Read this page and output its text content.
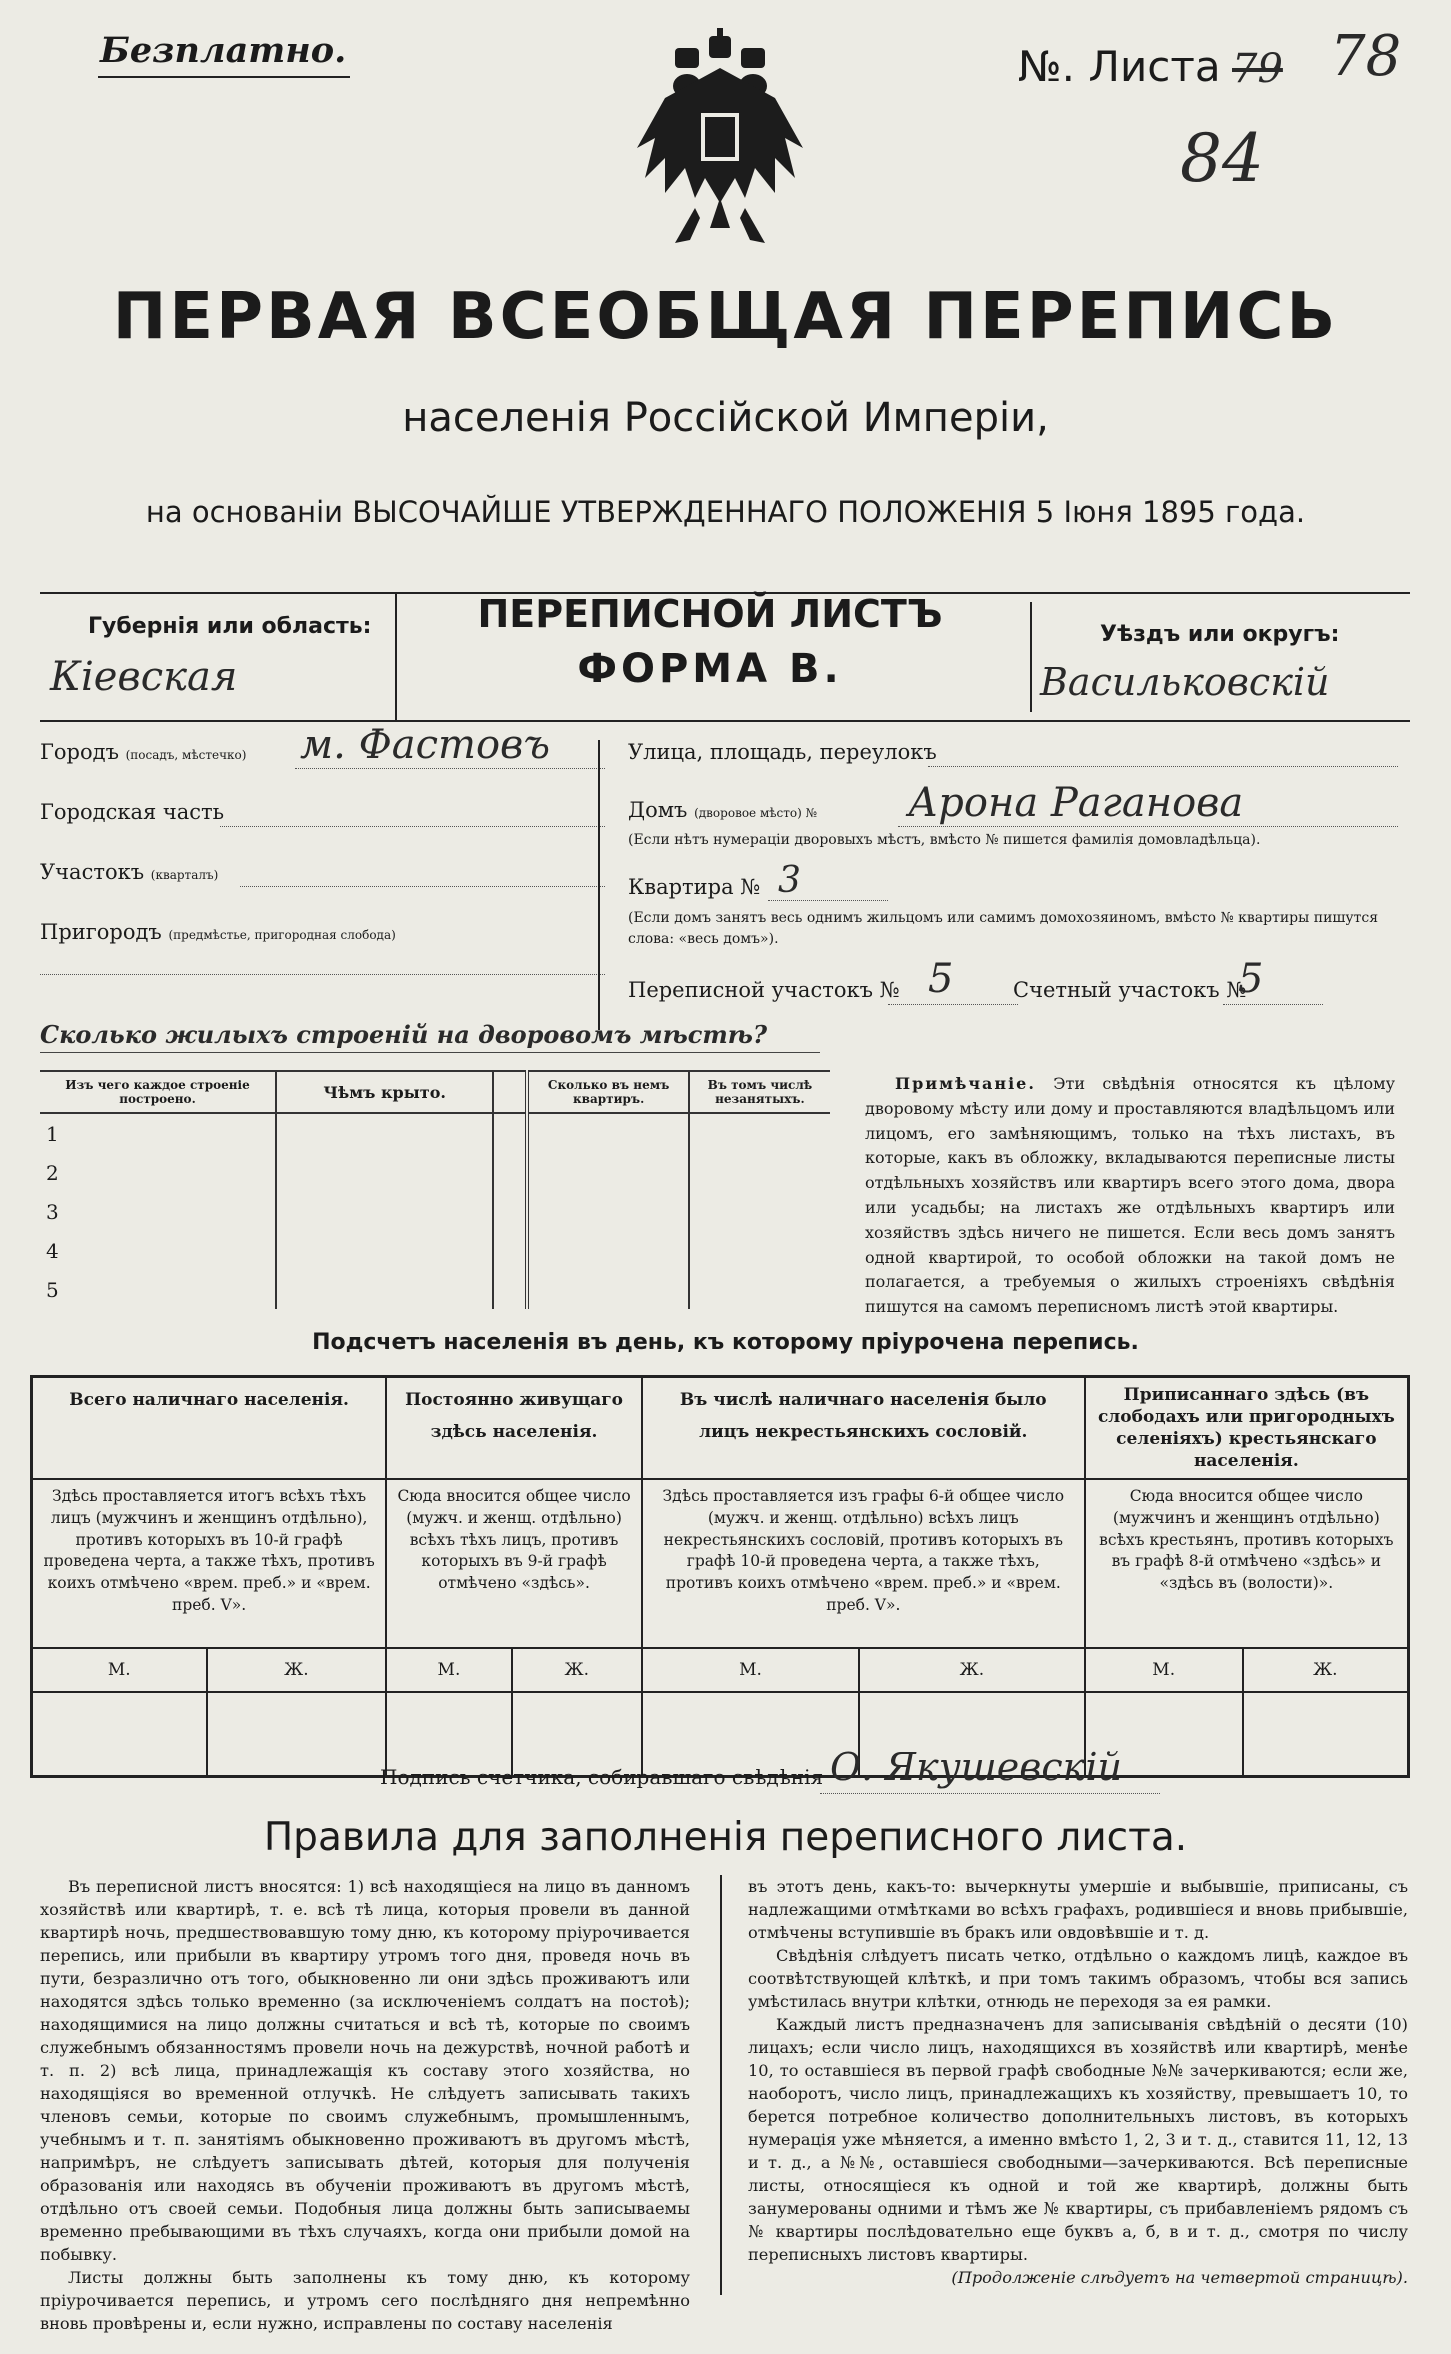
Безплатно.	№. Листа 79 78
84
ПЕРВАЯ ВСЕОБЩАЯ ПЕРЕПИСЬ
населенія Россійской Имперіи,
на основаніи ВЫСОЧАЙШЕ УТВЕРЖДЕННАГО ПОЛОЖЕНІЯ 5 Іюня 1895 года.
Губернія или область:
Кіевская
ПЕРЕПИСНОЙ ЛИСТЪ
ФОРМА В.
Уѣздъ или округъ:
Васильковскій
Городъ (посадъ, мѣстечко) м. Фастовъ
Городская часть
Участокъ (кварталъ)
Пригородъ (предмѣстье, пригородная слобода)
Улица, площадь, переулокъ
Домъ (дворовое мѣсто) № Арона Раганова
(Если нѣтъ нумераціи дворовыхъ мѣстъ, вмѣсто № пишется фамилія домовладѣльца).
Квартира № 3
(Если домъ занятъ весь однимъ жильцомъ или самимъ домохозяиномъ, вмѣсто № квартиры пишутся слова: «весь домъ»).
Переписной участокъ № 5	Счетный участокъ №
5
Сколько жилыхъ строеній на дворовомъ мѣстѣ?
Изъ чего каждое строеніе построено.	Чѣмъ крыто.		Сколько въ немъ квартиръ.	Въ томъ числѣ незанятыхъ.
1				
2				
3				
4				
5				
Примѣчаніе. Эти свѣдѣнія относятся къ цѣлому дворовому мѣсту или дому и проставляются владѣльцомъ или лицомъ, его замѣняющимъ, только на тѣхъ листахъ, въ которые, какъ въ обложку, вкладываются переписные листы отдѣльныхъ хозяйствъ или квартиръ всего этого дома, двора или усадьбы; на листахъ же отдѣльныхъ квартиръ или хозяйствъ здѣсь ничего не пишется. Если весь домъ занятъ одной квартирой, то особой обложки на такой домъ не полагается, а требуемыя о жилыхъ строеніяхъ свѣдѣнія пишутся на самомъ переписномъ листѣ этой квартиры.
Подсчетъ населенія въ день, къ которому пріурочена перепись.
Всего наличнаго населенія.		Постоянно живущаго здѣсь населенія.		Въ числѣ наличнаго населенія было лицъ некрестьянскихъ сословій.		Приписаннаго здѣсь (въ слободахъ или пригородныхъ селеніяхъ) крестьянскаго населенія.	
Здѣсь проставляется итогъ всѣхъ тѣхъ лицъ (мужчинъ и женщинъ отдѣльно), противъ которыхъ въ 10-й графѣ проведена черта, а также тѣхъ, противъ коихъ отмѣчено «врем. преб.» и «врем. преб. V».		Сюда вносится общее число (мужч. и женщ. отдѣльно) всѣхъ тѣхъ лицъ, противъ которыхъ въ 9-й графѣ отмѣчено «здѣсь».		Здѣсь проставляется изъ графы 6-й общее число (мужч. и женщ. отдѣльно) всѣхъ лицъ некрестьянскихъ сословій, противъ которыхъ въ графѣ 10-й проведена черта, а также тѣхъ, противъ коихъ отмѣчено «врем. преб.» и «врем. преб. V».		Сюда вносится общее число (мужчинъ и женщинъ отдѣльно) всѣхъ крестьянъ, противъ которыхъ въ графѣ 8-й отмѣчено «здѣсь» и «здѣсь въ (волости)».	
М.	Ж.	М.	Ж.	М.	Ж.	М.	Ж.

Подпись счетчика, собиравшаго свѣдѣнія О. Якушевскій
Правила для заполненія переписного листа.

Въ переписной листъ вносятся: 1) всѣ находящіеся на лицо въ данномъ хозяйствѣ или квартирѣ, т. е. всѣ тѣ лица, которыя провели въ данной квартирѣ ночь, предшествовавшую тому дню, къ которому пріурочивается перепись, или прибыли въ квартиру утромъ того дня, проведя ночь въ пути, безразлично отъ того, обыкновенно ли они здѣсь проживаютъ или находятся здѣсь только временно (за исключеніемъ солдатъ на постоѣ); находящимися на лицо должны считаться и всѣ тѣ, которые по своимъ служебнымъ обязанностямъ провели ночь на дежурствѣ, ночной работѣ и т. п. 2) всѣ лица, принадлежащія къ составу этого хозяйства, но находящіяся во временной отлучкѣ. Не слѣдуетъ записывать такихъ членовъ семьи, которые по своимъ служебнымъ, промышленнымъ, учебнымъ и т. п. занятіямъ обыкновенно проживаютъ въ другомъ мѣстѣ, напримѣръ, не слѣдуетъ записывать дѣтей, которыя для полученія образованія или находясь въ обученіи проживаютъ въ другомъ мѣстѣ, отдѣльно отъ своей семьи. Подобныя лица должны быть записываемы временно пребывающими въ тѣхъ случаяхъ, когда они прибыли домой на побывку.

Листы должны быть заполнены къ тому дню, къ которому пріурочивается перепись, и утромъ сего послѣдняго дня непремѣнно вновь провѣрены и, если нужно, исправлены по составу населенія

въ этотъ день, какъ-то: вычеркнуты умершіе и выбывшіе, приписаны, съ надлежащими отмѣтками во всѣхъ графахъ, родившіеся и вновь прибывшіе, отмѣчены вступившіе въ бракъ или овдовѣвшіе и т. д.

Свѣдѣнія слѣдуетъ писать четко, отдѣльно о каждомъ лицѣ, каждое въ соотвѣтствующей клѣткѣ, и при томъ такимъ образомъ, чтобы вся запись умѣстилась внутри клѣтки, отнюдь не переходя за ея рамки.

Каждый листъ предназначенъ для записыванія свѣдѣній о десяти (10) лицахъ; если число лицъ, находящихся въ хозяйствѣ или квартирѣ, менѣе 10, то оставшіеся въ первой графѣ свободные №№ зачеркиваются; если же, наоборотъ, число лицъ, принадлежащихъ къ хозяйству, превышаетъ 10, то берется потребное количество дополнительныхъ листовъ, въ которыхъ нумерація уже мѣняется, а именно вмѣсто 1, 2, 3 и т. д., ставится 11, 12, 13 и т. д., а №№, оставшіеся свободными—зачеркиваются. Всѣ переписные листы, относящіеся къ одной и той же квартирѣ, должны быть занумерованы одними и тѣмъ же № квартиры, съ прибавленіемъ рядомъ съ № квартиры послѣдовательно еще буквъ а, б, в и т. д., смотря по числу переписныхъ листовъ квартиры.

(Продолженіе слѣдуетъ на четвертой страницѣ).
